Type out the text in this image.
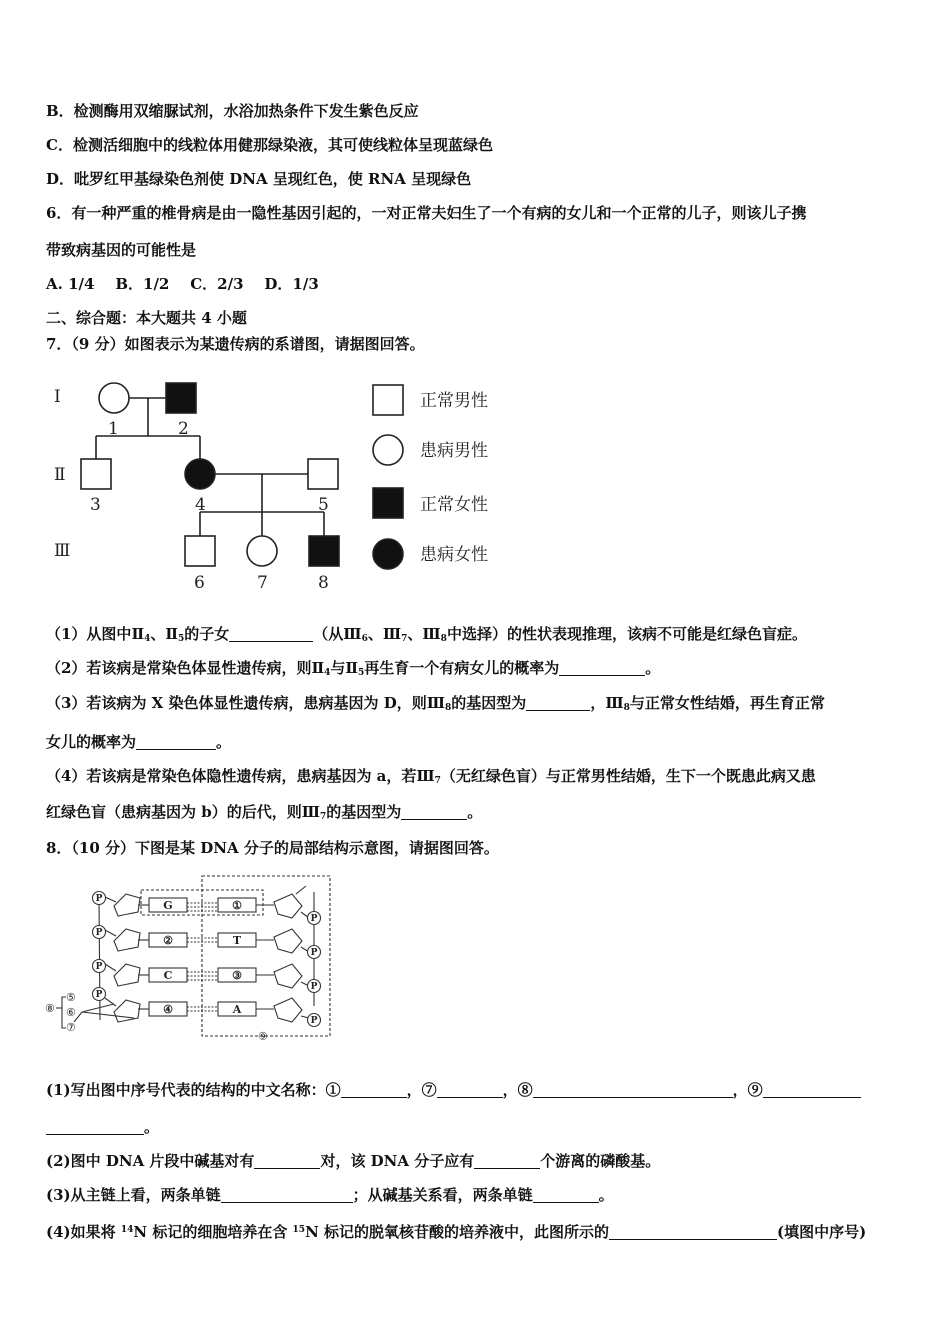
B．检测酶用双缩脲试剂，水浴加热条件下发生紫色反应
C．检测活细胞中的线粒体用健那绿染液，其可使线粒体呈现蓝绿色
D．吡罗红甲基绿染色剂使 DNA 呈现红色，使 RNA 呈现绿色
6．有一种严重的椎骨病是由一隐性基因引起的，一对正常夫妇生了一个有病的女儿和一个正常的儿子，则该儿子携
带致病基因的可能性是
A. 1/4    B．1/2    C．2/3    D．1/3
二、综合题：本大题共 4 小题
7．（9 分）如图表示为某遗传病的系谱图，请据图回答。
Ⅰ
Ⅱ
Ⅲ
1	2
3	4	5
6	7	8
正常男性
患病男性
正常女性
患病女性
（1）从图中$Ⅱ_4$、$Ⅱ_5$的子女	（从$Ⅲ_6$、$Ⅲ_7$、$Ⅲ_8$中选择）的性状表现推理，该病不可能是红绿色盲症。
（2）若该病是常染色体显性遗传病，则$Ⅱ_4$与$Ⅱ_5$再生育一个有病女儿的概率为	。
（3）若该病为 X 染色体显性遗传病，患病基因为 D，则$Ⅲ_8$的基因型为	，$Ⅲ_8$与正常女性结婚，再生育正常
女儿的概率为	。
（4）若该病是常染色体隐性遗传病，患病基因为 a，若$Ⅲ_7$（无红绿色盲）与正常男性结婚，生下一个既患此病又患
红绿色盲（患病基因为 b）的后代，则$Ⅲ_7$的基因型为	。
8．（10 分）下图是某 DNA 分子的局部结构示意图，请据图回答。
P
P
P
P
P
P
P
P
G
②
C
④
①
T
③
A
⑤
⑥
⑦
⑧
⑨
(1)写出图中序号代表的结构的中文名称：①	，⑦	，⑧	，⑨
。
(2)图中 DNA 片段中碱基对有	对，该 DNA 分子应有	个游离的磷酸基。
(3)从主链上看，两条单链	；从碱基关系看，两条单链	。
(4)如果将 $^{14}$N 标记的细胞培养在含 $^{15}$N 标记的脱氧核苷酸的培养液中，此图所示的	(填图中序号)
